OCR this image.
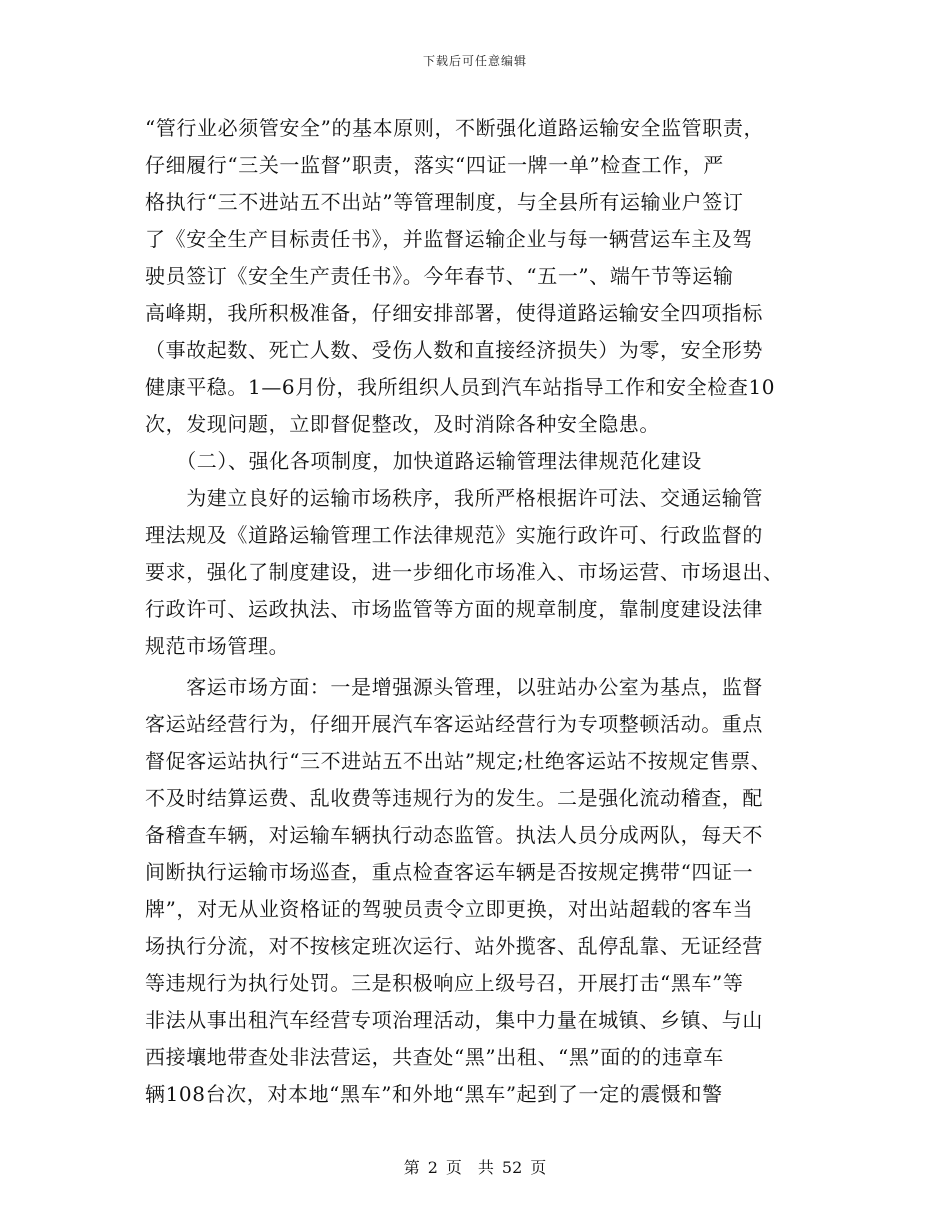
下载后可任意编辑
“管行业必须管安全”的基本原则，不断强化道路运输安全监管职责，
仔细履行“三关一监督”职责，落实“四证一牌一单”检查工作，严
格执行“三不进站五不出站”等管理制度，与全县所有运输业户签订
了《安全生产目标责任书》，并监督运输企业与每一辆营运车主及驾
驶员签订《安全生产责任书》。今年春节、“五一”、端午节等运输
高峰期，我所积极准备，仔细安排部署，使得道路运输安全四项指标
（事故起数、死亡人数、受伤人数和直接经济损失）为零，安全形势
健康平稳。1—6月份，我所组织人员到汽车站指导工作和安全检查10
次，发现问题，立即督促整改，及时消除各种安全隐患。
　　（二）、强化各项制度，加快道路运输管理法律规范化建设
　　为建立良好的运输市场秩序，我所严格根据许可法、交通运输管
理法规及《道路运输管理工作法律规范》实施行政许可、行政监督的
要求，强化了制度建设，进一步细化市场准入、市场运营、市场退出、
行政许可、运政执法、市场监管等方面的规章制度，靠制度建设法律
规范市场管理。
　　客运市场方面：一是增强源头管理，以驻站办公室为基点，监督
客运站经营行为，仔细开展汽车客运站经营行为专项整顿活动。重点
督促客运站执行“三不进站五不出站”规定;杜绝客运站不按规定售票、
不及时结算运费、乱收费等违规行为的发生。二是强化流动稽查，配
备稽查车辆，对运输车辆执行动态监管。执法人员分成两队，每天不
间断执行运输市场巡查，重点检查客运车辆是否按规定携带“四证一
牌”，对无从业资格证的驾驶员责令立即更换，对出站超载的客车当
场执行分流，对不按核定班次运行、站外揽客、乱停乱靠、无证经营
等违规行为执行处罚。三是积极响应上级号召，开展打击“黑车”等
非法从事出租汽车经营专项治理活动，集中力量在城镇、乡镇、与山
西接壤地带查处非法营运，共查处“黑”出租、“黑”面的的违章车
辆108台次，对本地“黑车”和外地“黑车”起到了一定的震慑和警
第 2 页　共 52 页
